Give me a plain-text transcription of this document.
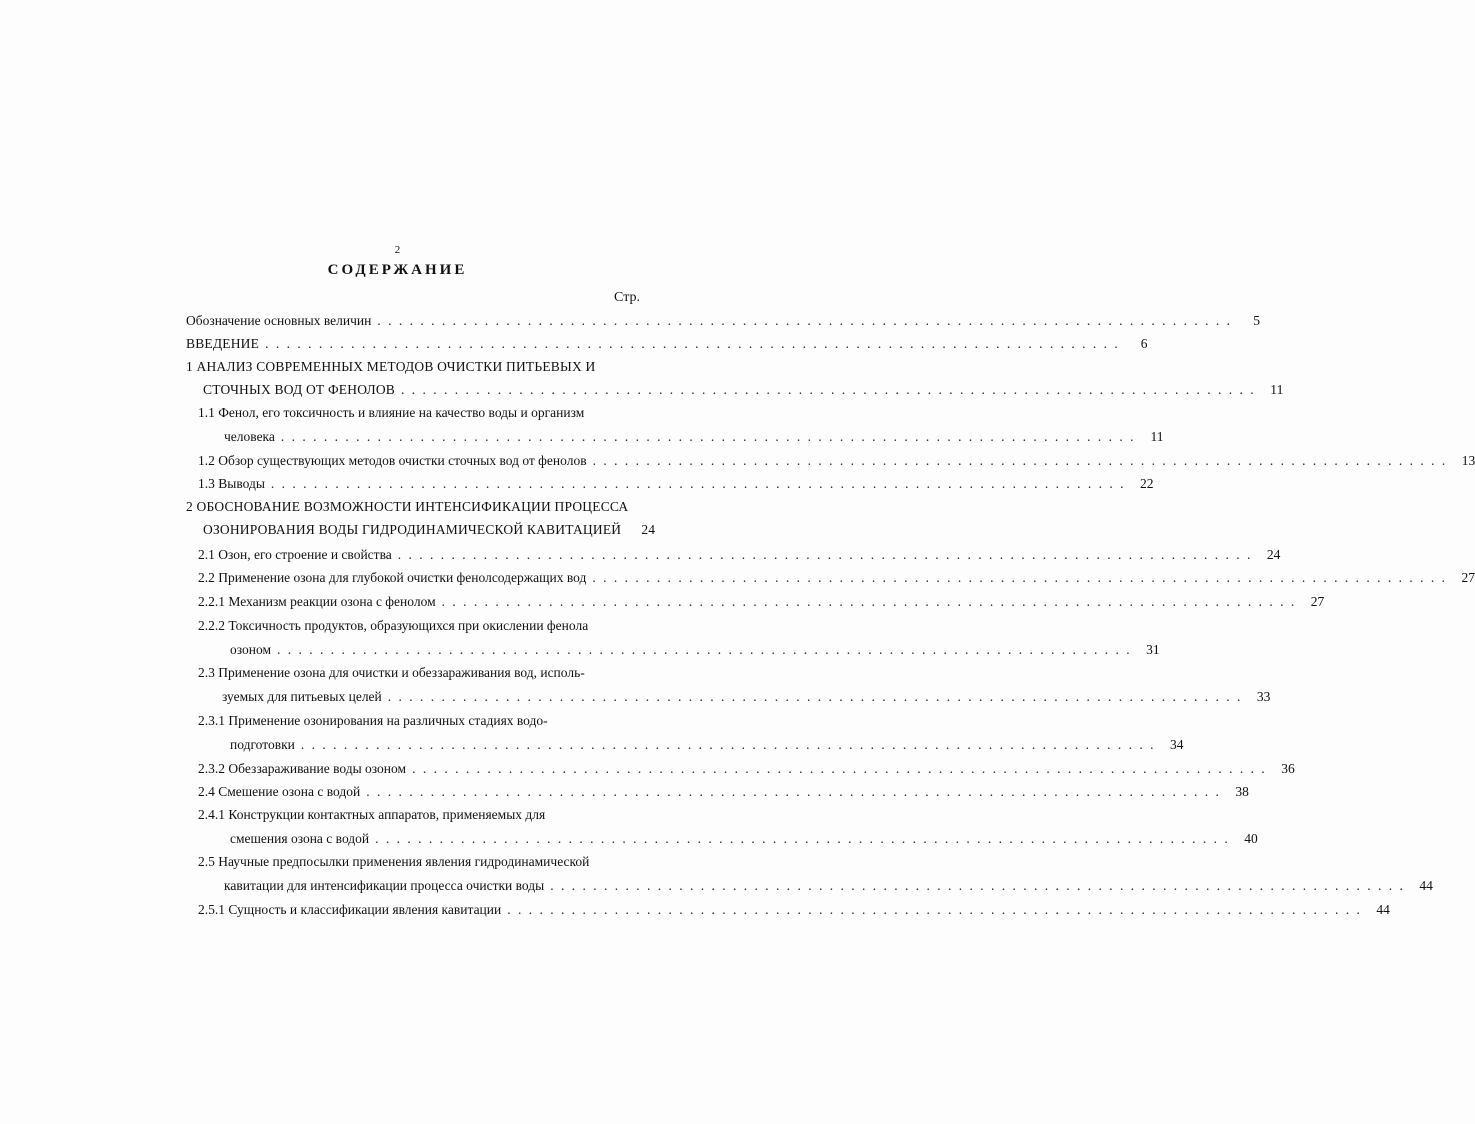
2
СОДЕРЖАНИЕ
Стр.
Обозначение основных величин . . . . . . . . . . . . . . . . . . . . . . . . . . . . . . . . . . . . . . . . . . . . . . . . . . . . . . . . . . . . . . . . . . . . . . . . . . . . . . . .	5
ВВЕДЕНИЕ . . . . . . . . . . . . . . . . . . . . . . . . . . . . . . . . . . . . . . . . . . . . . . . . . . . . . . . . . . . . . . . . . . . . . . . . . . . . . . . .	6
1 АНАЛИЗ СОВРЕМЕННЫХ МЕТОДОВ ОЧИСТКИ ПИТЬЕВЫХ И
СТОЧНЫХ ВОД ОТ ФЕНОЛОВ . . . . . . . . . . . . . . . . . . . . . . . . . . . . . . . . . . . . . . . . . . . . . . . . . . . . . . . . . . . . . . . . . . . . . . . . . . . . . . . .	11
1.1 Фенол, его токсичность и влияние на качество воды и организм
человека . . . . . . . . . . . . . . . . . . . . . . . . . . . . . . . . . . . . . . . . . . . . . . . . . . . . . . . . . . . . . . . . . . . . . . . . . . . . . . . .	11
1.2 Обзор существующих методов очистки сточных вод от фенолов . . . . . . . . . . . . . . . . . . . . . . . . . . . . . . . . . . . . . . . . . . . . . . . . . . . . . . . . . . . . . . . . . . . . . . . . . . . . . . . .	13
1.3 Выводы . . . . . . . . . . . . . . . . . . . . . . . . . . . . . . . . . . . . . . . . . . . . . . . . . . . . . . . . . . . . . . . . . . . . . . . . . . . . . . . .	22
2 ОБОСНОВАНИЕ ВОЗМОЖНОСТИ ИНТЕНСИФИКАЦИИ ПРОЦЕССА
ОЗОНИРОВАНИЯ ВОДЫ ГИДРОДИНАМИЧЕСКОЙ КАВИТАЦИЕЙ	24
2.1 Озон, его строение и свойства . . . . . . . . . . . . . . . . . . . . . . . . . . . . . . . . . . . . . . . . . . . . . . . . . . . . . . . . . . . . . . . . . . . . . . . . . . . . . . . .	24
2.2 Применение озона для глубокой очистки фенолсодержащих вод . . . . . . . . . . . . . . . . . . . . . . . . . . . . . . . . . . . . . . . . . . . . . . . . . . . . . . . . . . . . . . . . . . . . . . . . . . . . . . . .	27
2.2.1 Механизм реакции озона с фенолом . . . . . . . . . . . . . . . . . . . . . . . . . . . . . . . . . . . . . . . . . . . . . . . . . . . . . . . . . . . . . . . . . . . . . . . . . . . . . . . .	27
2.2.2 Токсичность продуктов, образующихся при окислении фенола
озоном . . . . . . . . . . . . . . . . . . . . . . . . . . . . . . . . . . . . . . . . . . . . . . . . . . . . . . . . . . . . . . . . . . . . . . . . . . . . . . . .	31
2.3 Применение озона для очистки и обеззараживания вод, исполь-
зуемых для питьевых целей . . . . . . . . . . . . . . . . . . . . . . . . . . . . . . . . . . . . . . . . . . . . . . . . . . . . . . . . . . . . . . . . . . . . . . . . . . . . . . . .	33
2.3.1 Применение озонирования на различных стадиях водо-
подготовки . . . . . . . . . . . . . . . . . . . . . . . . . . . . . . . . . . . . . . . . . . . . . . . . . . . . . . . . . . . . . . . . . . . . . . . . . . . . . . . .	34
2.3.2 Обеззараживание воды озоном . . . . . . . . . . . . . . . . . . . . . . . . . . . . . . . . . . . . . . . . . . . . . . . . . . . . . . . . . . . . . . . . . . . . . . . . . . . . . . . .	36
2.4 Смешение озона с водой . . . . . . . . . . . . . . . . . . . . . . . . . . . . . . . . . . . . . . . . . . . . . . . . . . . . . . . . . . . . . . . . . . . . . . . . . . . . . . . .	38
2.4.1 Конструкции контактных аппаратов, применяемых для
смешения озона с водой . . . . . . . . . . . . . . . . . . . . . . . . . . . . . . . . . . . . . . . . . . . . . . . . . . . . . . . . . . . . . . . . . . . . . . . . . . . . . . . .	40
2.5 Научные предпосылки применения явления гидродинамической
кавитации для интенсификации процесса очистки воды . . . . . . . . . . . . . . . . . . . . . . . . . . . . . . . . . . . . . . . . . . . . . . . . . . . . . . . . . . . . . . . . . . . . . . . . . . . . . . . .	44
2.5.1 Сущность и классификации явления кавитации . . . . . . . . . . . . . . . . . . . . . . . . . . . . . . . . . . . . . . . . . . . . . . . . . . . . . . . . . . . . . . . . . . . . . . . . . . . . . . . .	44
